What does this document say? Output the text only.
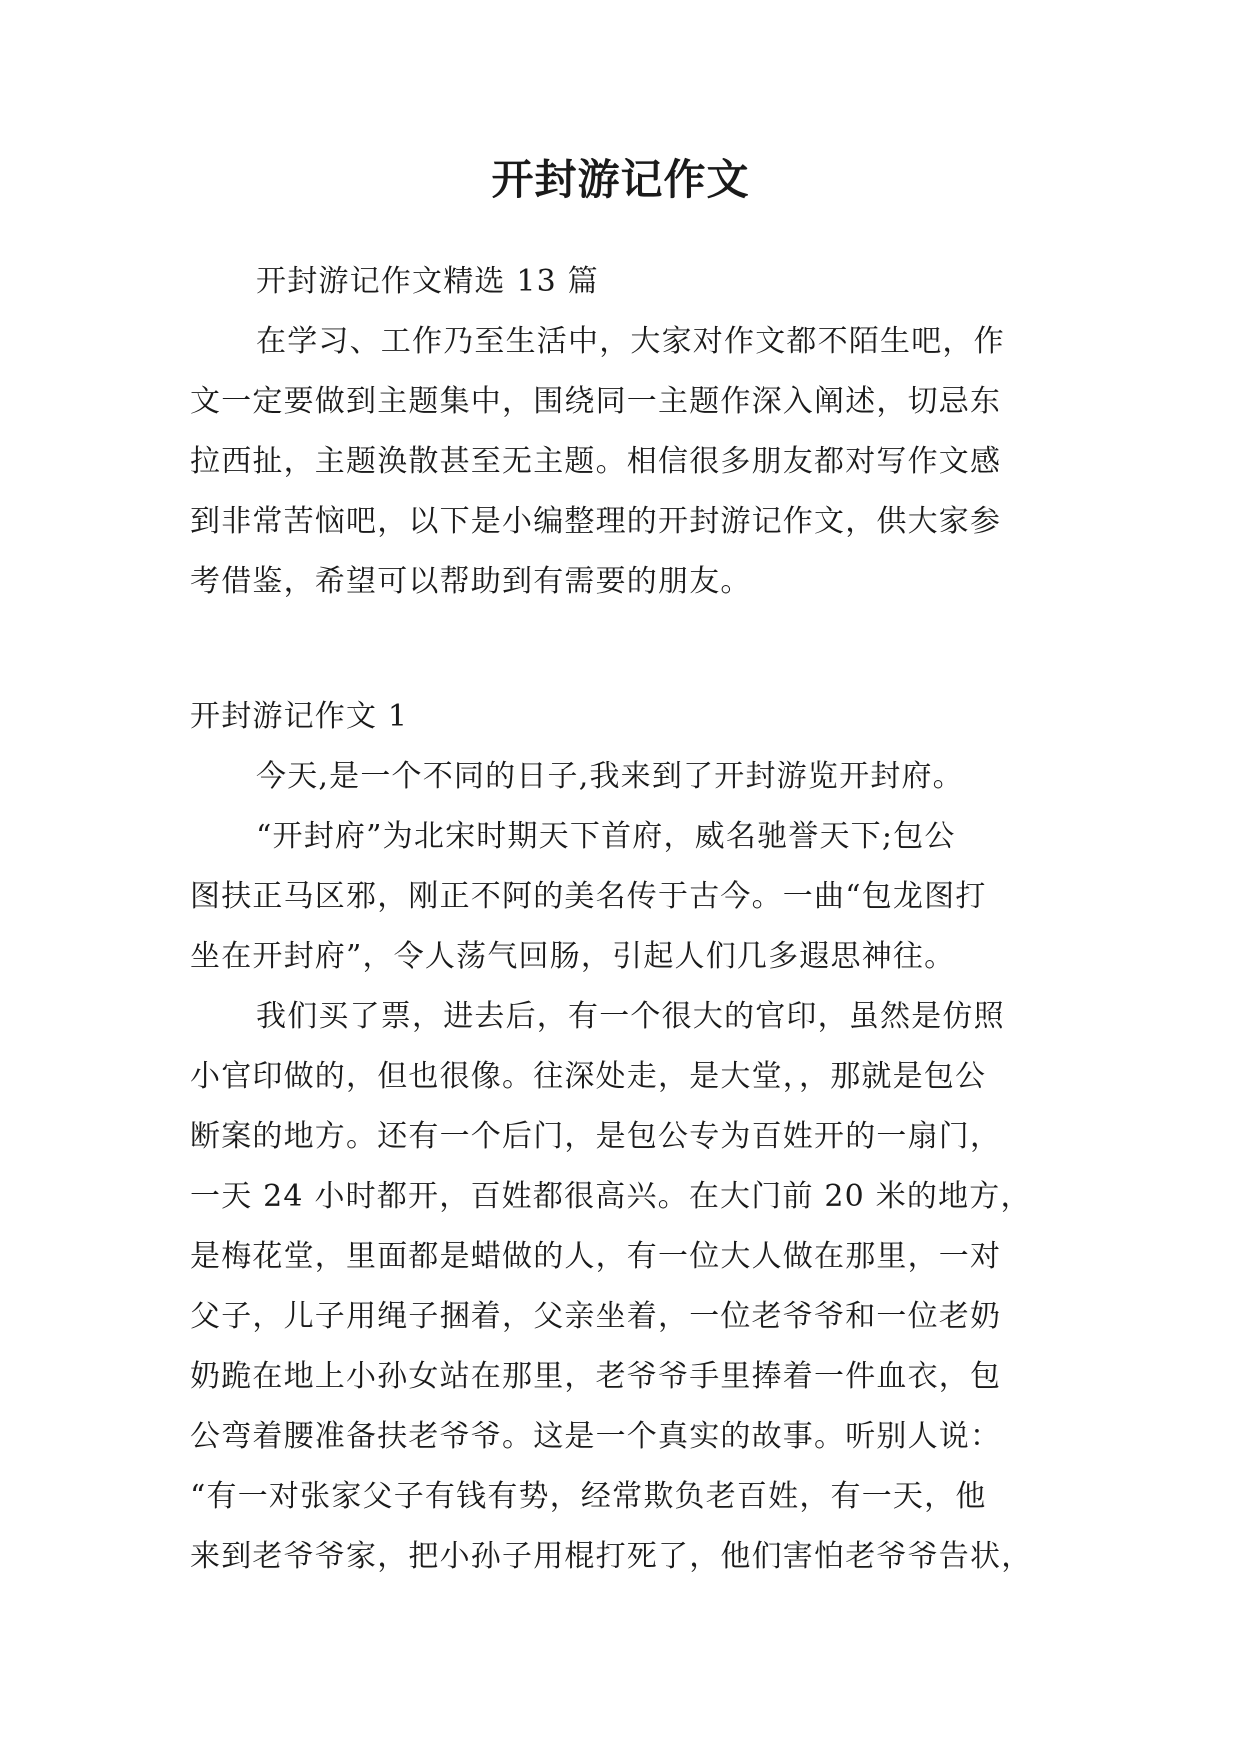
开封游记作文
开封游记作文精选 13 篇
在学习、工作乃至生活中，大家对作文都不陌生吧，作
文一定要做到主题集中，围绕同一主题作深入阐述，切忌东
拉西扯，主题涣散甚至无主题。相信很多朋友都对写作文感
到非常苦恼吧，以下是小编整理的开封游记作文，供大家参
考借鉴，希望可以帮助到有需要的朋友。
开封游记作文 1
今天,是一个不同的日子,我来到了开封游览开封府。
“开封府”为北宋时期天下首府，威名驰誉天下;包公
图扶正马区邪，刚正不阿的美名传于古今。一曲“包龙图打
坐在开封府”，令人荡气回肠，引起人们几多遐思神往。
我们买了票，进去后，有一个很大的官印，虽然是仿照
小官印做的，但也很像。往深处走，是大堂，，那就是包公
断案的地方。还有一个后门，是包公专为百姓开的一扇门，
一天 24 小时都开，百姓都很高兴。在大门前 20 米的地方，
是梅花堂，里面都是蜡做的人，有一位大人做在那里，一对
父子，儿子用绳子捆着，父亲坐着，一位老爷爷和一位老奶
奶跪在地上小孙女站在那里，老爷爷手里捧着一件血衣，包
公弯着腰准备扶老爷爷。这是一个真实的故事。听别人说：
“有一对张家父子有钱有势，经常欺负老百姓，有一天，他
来到老爷爷家，把小孙子用棍打死了，他们害怕老爷爷告状，
